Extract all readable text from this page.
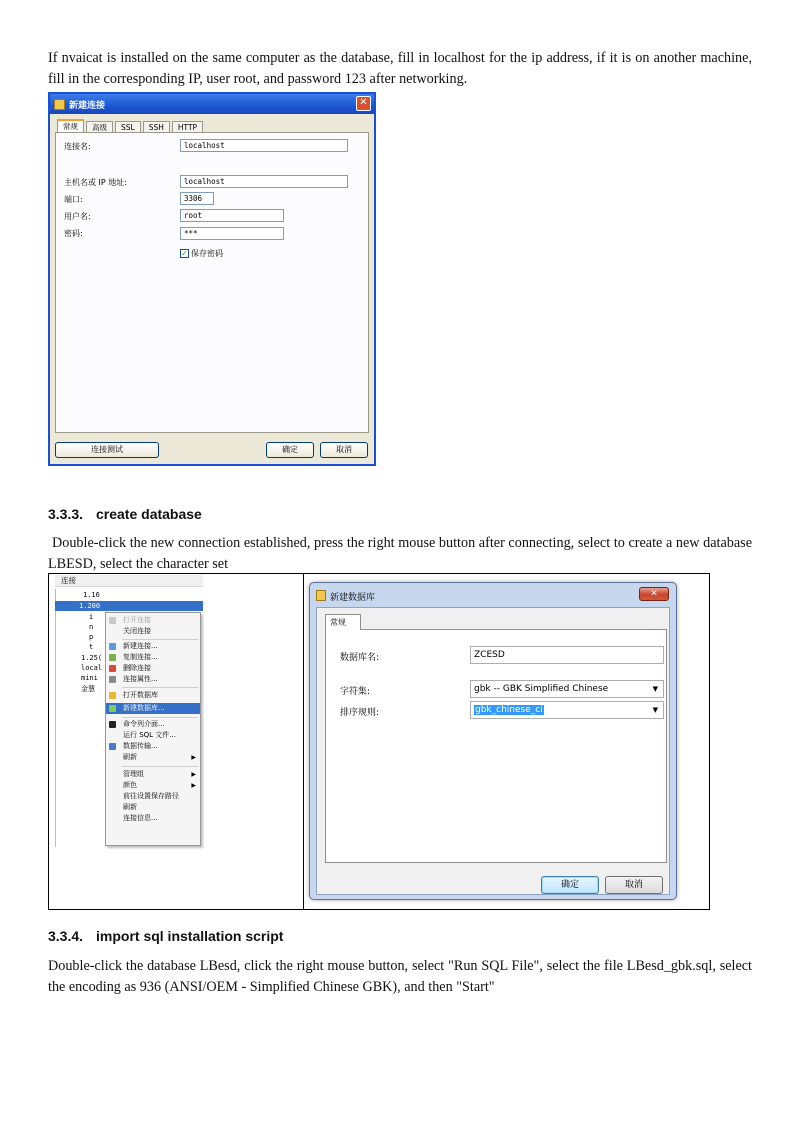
If nvaicat is installed on the same computer as the database, fill in localhost for the ip address, if it is on another machine, fill in the corresponding IP, user root, and password 123 after networking.

新建连接	✕
常规	高级	SSL	SSH	HTTP
连接名:	localhost
主机名或 IP 地址:	localhost
端口:	3306
用户名:	root
密码:	***
✓ 保存密码
连接测试	确定	取消
3.3.3. create database

Double-click the new connection established, press the right mouse button after connecting, select to create a new database LBESD, select the character set

连接
1.16
1.200
i
n
p
t
1.25(
local
mini
金慧
打开连接
关闭连接
新建连接...
复制连接...
删除连接
连接属性...
打开数据库
新建数据库...
命令列介面...
运行 SQL 文件...
数据传输...
刷新	▶
管理组	▶
颜色	▶
前往设置保存路径
刷新
连接信息...
新建数据库	✕
常规
数据库名:	ZCESD
字符集:	gbk -- GBK Simplified Chinese	▼
排序规则:	gbk_chinese_ci	▼
确定	取消
3.3.4. import sql installation script

Double-click the database LBesd, click the right mouse button, select "Run SQL File", select the file LBesd_gbk.sql, select the encoding as 936 (ANSI/OEM - Simplified Chinese GBK), and then "Start"
